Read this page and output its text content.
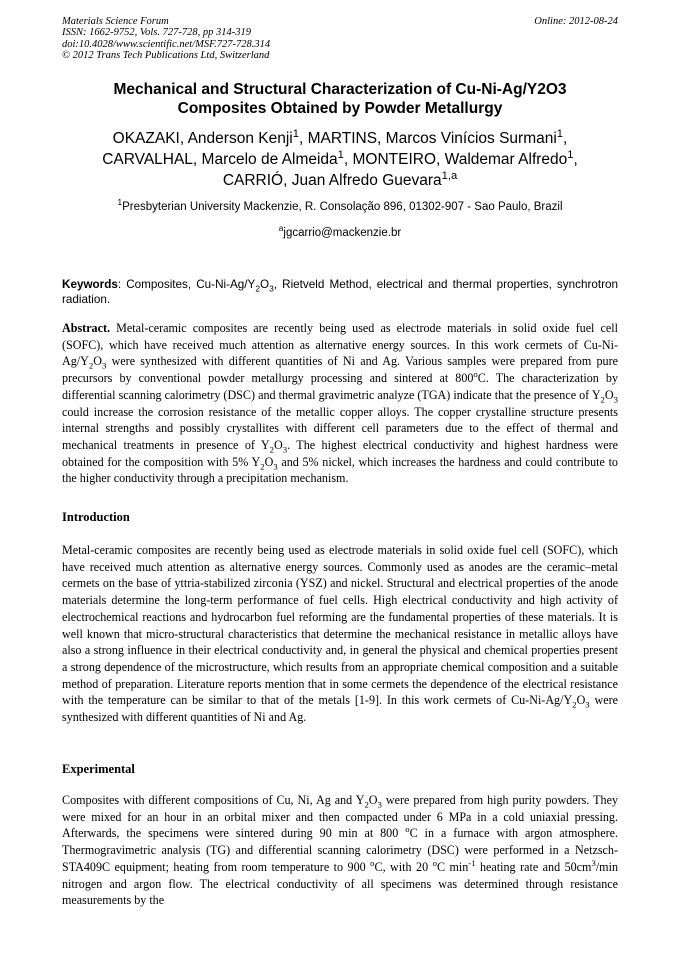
Materials Science Forum
ISSN: 1662-9752, Vols. 727-728, pp 314-319
doi:10.4028/www.scientific.net/MSF.727-728.314
© 2012 Trans Tech Publications Ltd, Switzerland
Online: 2012-08-24
Mechanical and Structural Characterization of Cu-Ni-Ag/Y2O3
Composites Obtained by Powder Metallurgy
OKAZAKI, Anderson Kenji$^1$, MARTINS, Marcos Vinícios Surmani$^1$,
CARVALHAL, Marcelo de Almeida$^1$, MONTEIRO, Waldemar Alfredo$^1$,
CARRIÓ, Juan Alfredo Guevara$^{1,a}$
$^1$Presbyterian University Mackenzie, R. Consolação 896, 01302-907 - Sao Paulo, Brazil
$^a$jgcarrio@mackenzie.br
Keywords: Composites, $Cu-Ni-Ag/Y_2O_3$, Rietveld Method, electrical and thermal properties, synchrotron radiation.
Abstract. Metal-ceramic composites are recently being used as electrode materials in solid oxide fuel cell (SOFC), which have received much attention as alternative energy sources. In this work cermets of $Cu-Ni-Ag/Y_2O_3$ were synthesized with different quantities of Ni and Ag. Various samples were prepared from pure precursors by conventional powder metallurgy processing and sintered at 800$^o$C. The characterization by differential scanning calorimetry (DSC) and thermal gravimetric analyze (TGA) indicate that the presence of $Y_2O_3$ could increase the corrosion resistance of the metallic copper alloys. The copper crystalline structure presents internal strengths and possibly crystallites with different cell parameters due to the effect of thermal and mechanical treatments in presence of $Y_2O_3$. The highest electrical conductivity and highest hardness were obtained for the composition with 5% $Y_2O_3$ and 5% nickel, which increases the hardness and could contribute to the higher conductivity through a precipitation mechanism.
Introduction
Metal-ceramic composites are recently being used as electrode materials in solid oxide fuel cell (SOFC), which have received much attention as alternative energy sources. Commonly used as anodes are the ceramic–metal cermets on the base of yttria-stabilized zirconia (YSZ) and nickel. Structural and electrical properties of the anode materials determine the long-term performance of fuel cells. High electrical conductivity and high activity of electrochemical reactions and hydrocarbon fuel reforming are the fundamental properties of these materials. It is well known that micro-structural characteristics that determine the mechanical resistance in metallic alloys have also a strong influence in their electrical conductivity and, in general the physical and chemical properties present a strong dependence of the microstructure, which results from an appropriate chemical composition and a suitable method of preparation. Literature reports mention that in some cermets the dependence of the electrical resistance with the temperature can be similar to that of the metals [1-9]. In this work cermets of $Cu-Ni-Ag/Y_2O_3$ were synthesized with different quantities of Ni and Ag.
Experimental
Composites with different compositions of Cu, Ni, Ag and $Y_2O_3$ were prepared from high purity powders. They were mixed for an hour in an orbital mixer and then compacted under 6 MPa in a cold uniaxial pressing. Afterwards, the specimens were sintered during 90 min at 800 $^o$C in a furnace with argon atmosphere. Thermogravimetric analysis (TG) and differential scanning calorimetry (DSC) were performed in a Netzsch-STA409C equipment; heating from room temperature to 900 $^o$C, with 20 $^o$C $\min^{-1}$ heating rate and $50cm^3/\min$ nitrogen and argon flow. The electrical conductivity of all specimens was determined through resistance measurements by the
